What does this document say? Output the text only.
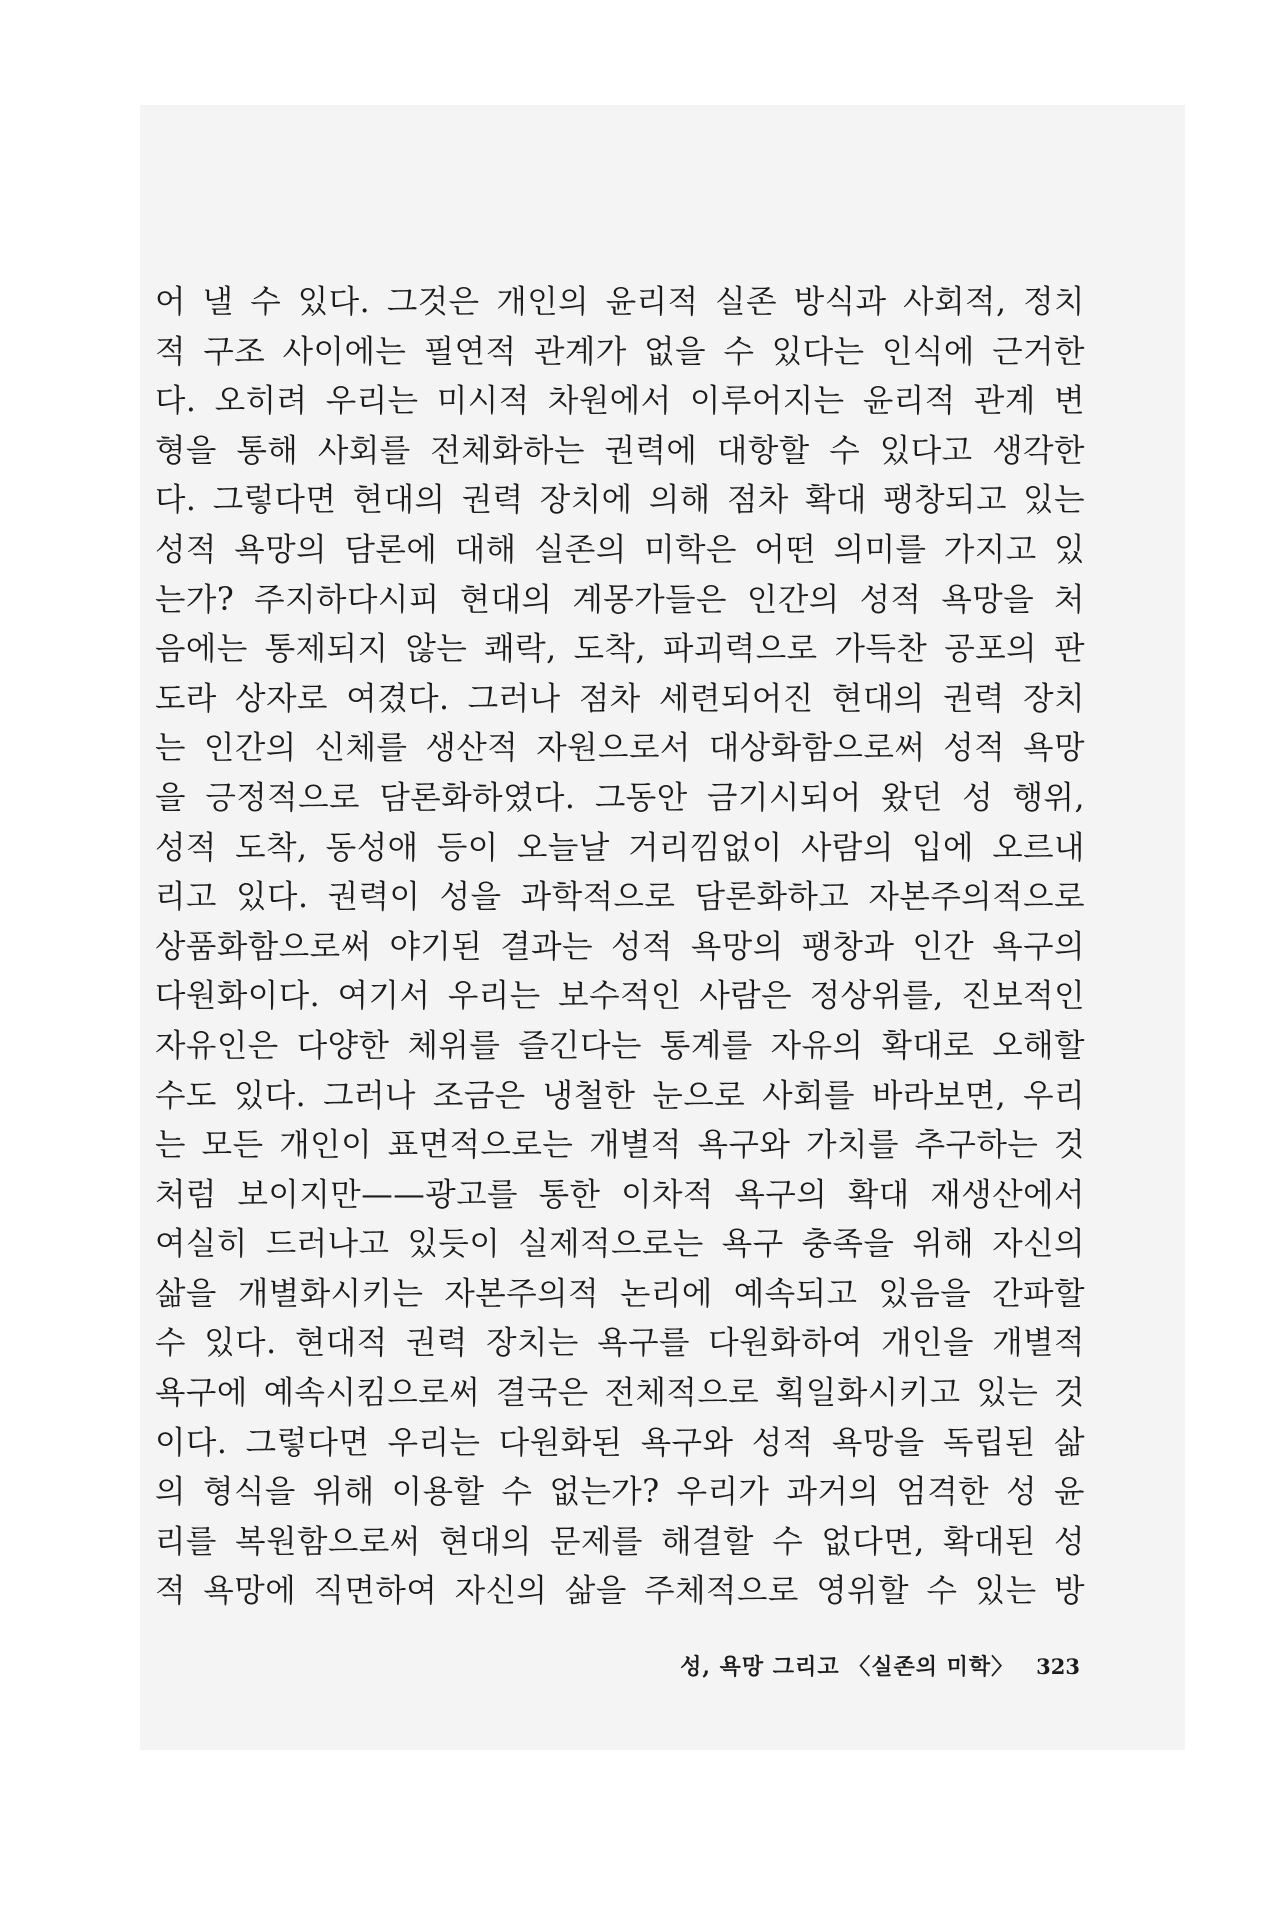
어 낼 수 있다. 그것은 개인의 윤리적 실존 방식과 사회적, 정치
적 구조 사이에는 필연적 관계가 없을 수 있다는 인식에 근거한
다. 오히려 우리는 미시적 차원에서 이루어지는 윤리적 관계 변
형을 통해 사회를 전체화하는 권력에 대항할 수 있다고 생각한
다. 그렇다면 현대의 권력 장치에 의해 점차 확대 팽창되고 있는
성적 욕망의 담론에 대해 실존의 미학은 어떤 의미를 가지고 있
는가? 주지하다시피 현대의 계몽가들은 인간의 성적 욕망을 처
음에는 통제되지 않는 쾌락, 도착, 파괴력으로 가득찬 공포의 판
도라 상자로 여겼다. 그러나 점차 세련되어진 현대의 권력 장치
는 인간의 신체를 생산적 자원으로서 대상화함으로써 성적 욕망
을 긍정적으로 담론화하였다. 그동안 금기시되어 왔던 성 행위,
성적 도착, 동성애 등이 오늘날 거리낌없이 사람의 입에 오르내
리고 있다. 권력이 성을 과학적으로 담론화하고 자본주의적으로
상품화함으로써 야기된 결과는 성적 욕망의 팽창과 인간 욕구의
다원화이다. 여기서 우리는 보수적인 사람은 정상위를, 진보적인
자유인은 다양한 체위를 즐긴다는 통계를 자유의 확대로 오해할
수도 있다. 그러나 조금은 냉철한 눈으로 사회를 바라보면, 우리
는 모든 개인이 표면적으로는 개별적 욕구와 가치를 추구하는 것
처럼 보이지만——광고를 통한 이차적 욕구의 확대 재생산에서
여실히 드러나고 있듯이 실제적으로는 욕구 충족을 위해 자신의
삶을 개별화시키는 자본주의적 논리에 예속되고 있음을 간파할
수 있다. 현대적 권력 장치는 욕구를 다원화하여 개인을 개별적
욕구에 예속시킴으로써 결국은 전체적으로 획일화시키고 있는 것
이다. 그렇다면 우리는 다원화된 욕구와 성적 욕망을 독립된 삶
의 형식을 위해 이용할 수 없는가? 우리가 과거의 엄격한 성 윤
리를 복원함으로써 현대의 문제를 해결할 수 없다면, 확대된 성
적 욕망에 직면하여 자신의 삶을 주체적으로 영위할 수 있는 방
성, 욕망 그리고 〈실존의 미학〉 323
